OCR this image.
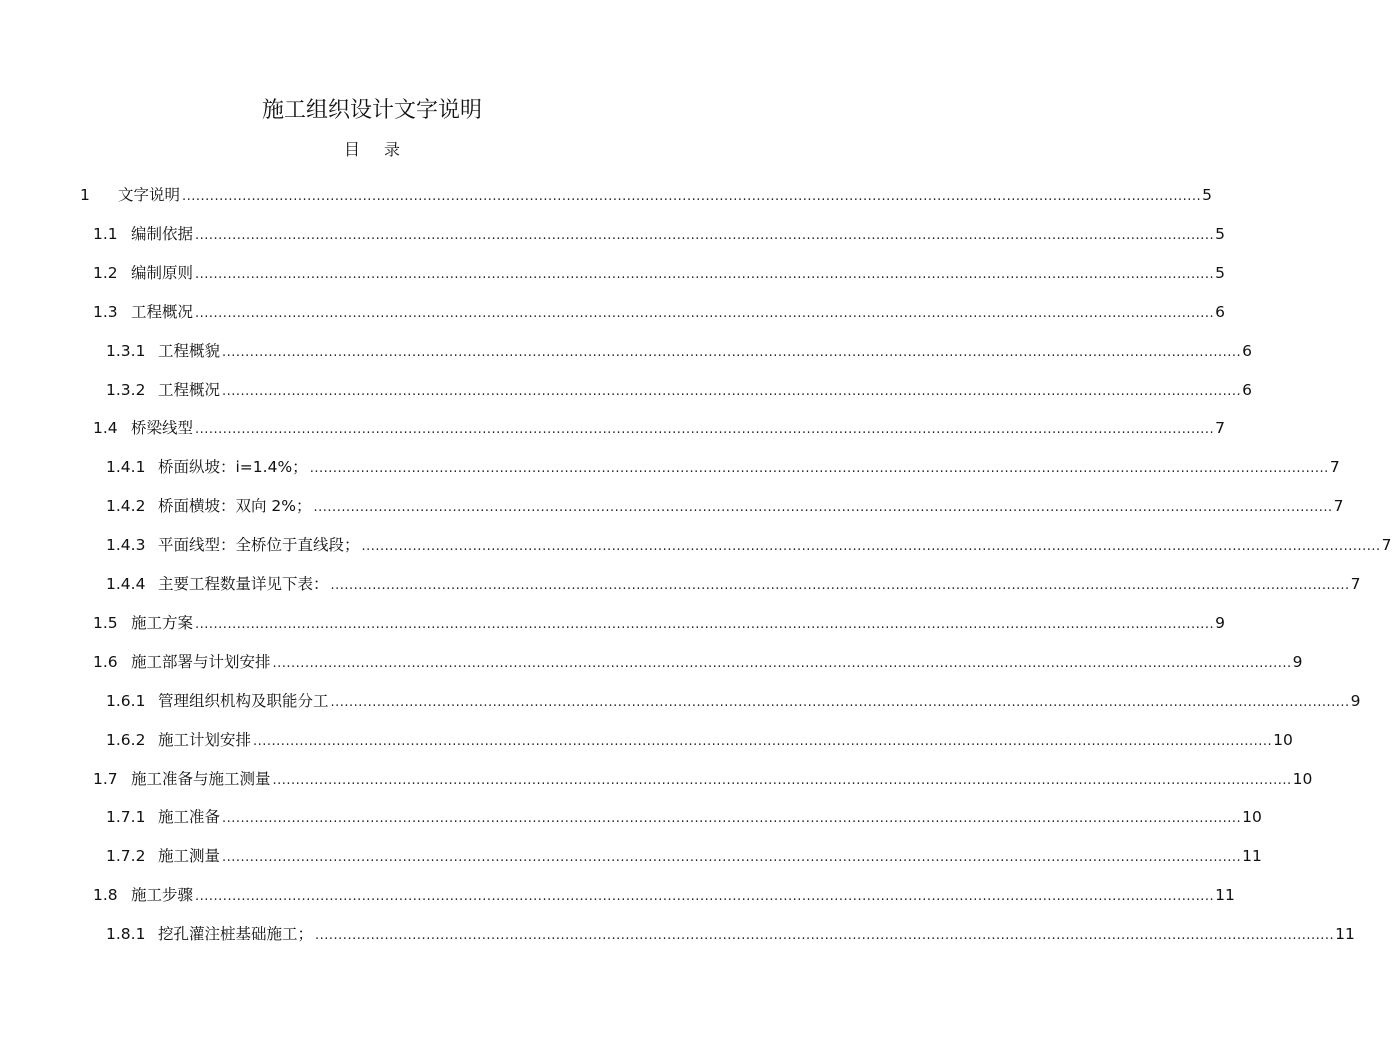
施工组织设计文字说明
目录
1	文字说明 ............................................................................................................................................................................................................................ 5
1.1 编制依据 ............................................................................................................................................................................................................................ 5
1.2 编制原则 ............................................................................................................................................................................................................................ 5
1.3 工程概况 ............................................................................................................................................................................................................................ 6
1.3.1 工程概貌 ............................................................................................................................................................................................................................ 6
1.3.2 工程概况 ............................................................................................................................................................................................................................ 6
1.4 桥梁线型 ............................................................................................................................................................................................................................ 7
1.4.1 桥面纵坡：i=1.4%； ............................................................................................................................................................................................................................ 7
1.4.2 桥面横坡：双向 2%； ............................................................................................................................................................................................................................ 7
1.4.3 平面线型：全桥位于直线段； ............................................................................................................................................................................................................................ 7
1.4.4 主要工程数量详见下表： ............................................................................................................................................................................................................................ 7
1.5 施工方案 ............................................................................................................................................................................................................................ 9
1.6 施工部署与计划安排 ............................................................................................................................................................................................................................ 9
1.6.1 管理组织机构及职能分工 ............................................................................................................................................................................................................................ 9
1.6.2 施工计划安排 ............................................................................................................................................................................................................................ 10
1.7 施工准备与施工测量 ............................................................................................................................................................................................................................ 10
1.7.1 施工准备 ............................................................................................................................................................................................................................ 10
1.7.2 施工测量 ............................................................................................................................................................................................................................ 11
1.8 施工步骤 ............................................................................................................................................................................................................................ 11
1.8.1 挖孔灌注桩基础施工； ............................................................................................................................................................................................................................ 11
